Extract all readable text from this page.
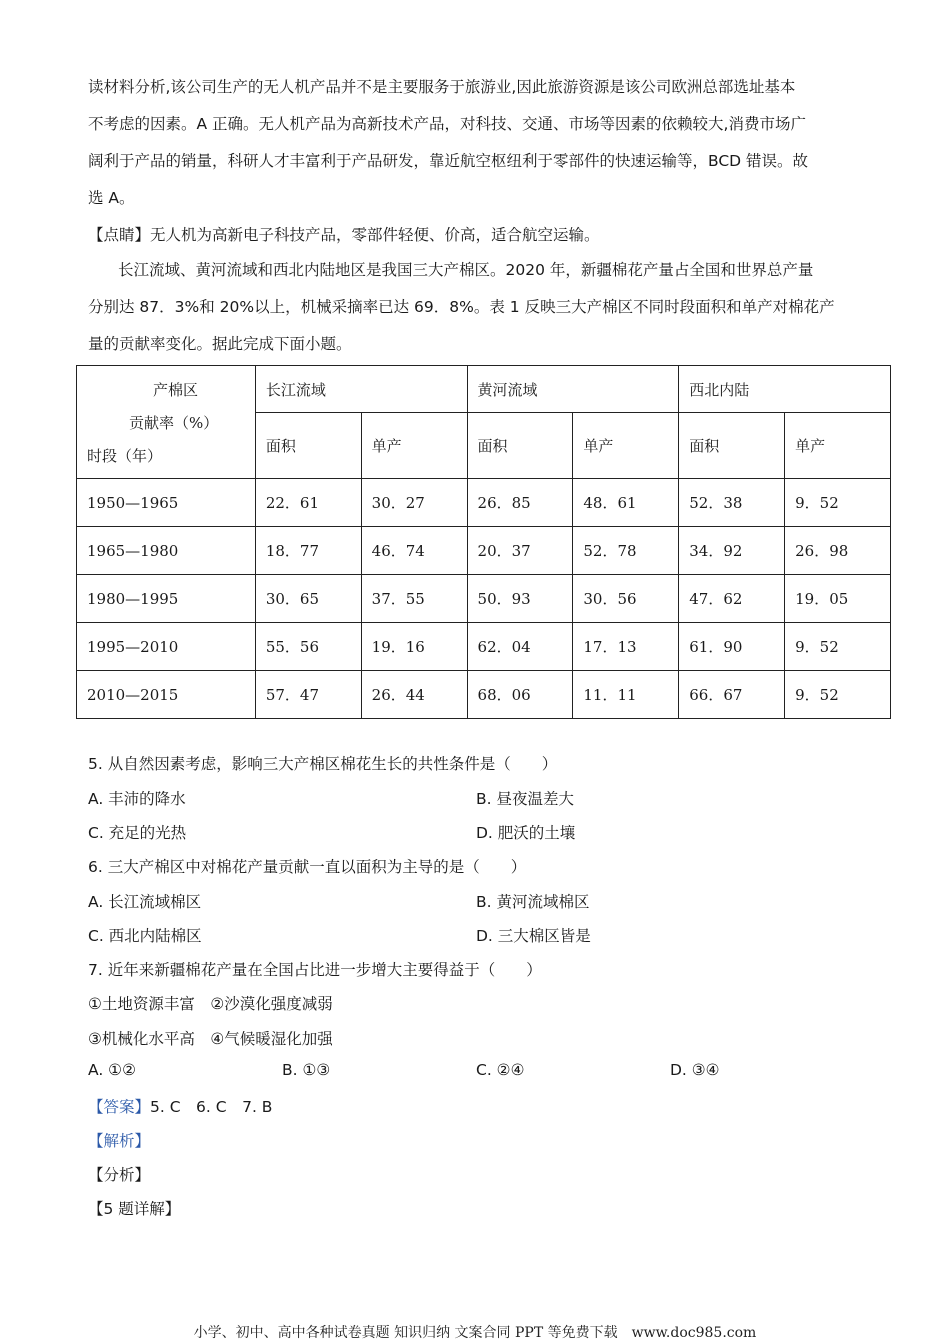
读材料分析,该公司生产的无人机产品并不是主要服务于旅游业,因此旅游资源是该公司欧洲总部选址基本
不考虑的因素。A 正确。无人机产品为高新技术产品，对科技、交通、市场等因素的依赖较大,消费市场广
阔利于产品的销量，科研人才丰富利于产品研发，靠近航空枢纽利于零部件的快速运输等，BCD 错误。故
选 A。
【点睛】无人机为高新电子科技产品，零部件轻便、价高，适合航空运输。
长江流域、黄河流域和西北内陆地区是我国三大产棉区。2020 年，新疆棉花产量占全国和世界总产量
分别达 87．3%和 20%以上，机械采摘率已达 69．8%。表 1 反映三大产棉区不同时段面积和单产对棉花产
量的贡献率变化。据此完成下面小题。
产棉区
贡献率（%）
时段（年）	长江流域		黄河流域		西北内陆	
	面积	单产	面积	单产	面积	单产
1950—1965	22．61	30．27	26．85	48．61	52．38	9．52
1965—1980	18．77	46．74	20．37	52．78	34．92	26．98
1980—1995	30．65	37．55	50．93	30．56	47．62	19．05
1995—2010	55．56	19．16	62．04	17．13	61．90	9．52
2010—2015	57．47	26．44	68．06	11．11	66．67	9．52
5. 从自然因素考虑，影响三大产棉区棉花生长的共性条件是（　　）
A. 丰沛的降水	B. 昼夜温差大
C. 充足的光热	D. 肥沃的土壤
6. 三大产棉区中对棉花产量贡献一直以面积为主导的是（　　）
A. 长江流域棉区	B. 黄河流域棉区
C. 西北内陆棉区	D. 三大棉区皆是
7. 近年来新疆棉花产量在全国占比进一步增大主要得益于（　　）
①土地资源丰富　②沙漠化强度减弱
③机械化水平高　④气候暖湿化加强
A. ①②	B. ①③	C. ②④	D. ③④
【答案】5. C　6. C　7. B
【解析】
【分析】
【5 题详解】
小学、初中、高中各种试卷真题 知识归纳 文案合同 PPT 等免费下载　www.doc985.com
